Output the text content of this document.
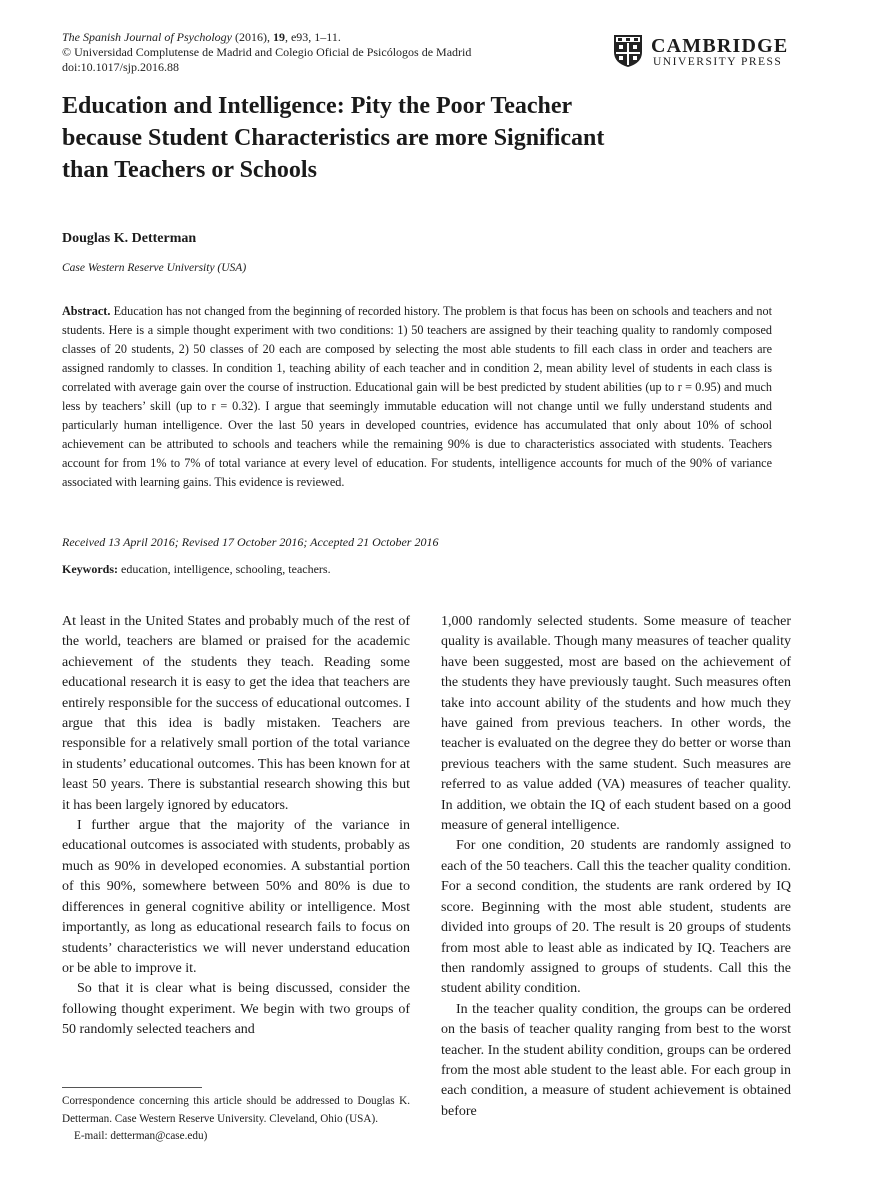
The Spanish Journal of Psychology (2016), 19, e93, 1–11.
© Universidad Complutense de Madrid and Colegio Oficial de Psicólogos de Madrid
doi:10.1017/sjp.2016.88
CAMBRIDGE
UNIVERSITY PRESS
Education and Intelligence: Pity the Poor Teacher
because Student Characteristics are more Significant
than Teachers or Schools
Douglas K. Detterman
Case Western Reserve University (USA)

Abstract. Education has not changed from the beginning of recorded history. The problem is that focus has been on schools and teachers and not students. Here is a simple thought experiment with two conditions: 1) 50 teachers are assigned by their teaching quality to randomly composed classes of 20 students, 2) 50 classes of 20 each are composed by selecting the most able students to fill each class in order and teachers are assigned randomly to classes. In condition 1, teaching ability of each teacher and in condition 2, mean ability level of students in each class is correlated with average gain over the course of instruction. Educational gain will be best predicted by student abilities (up to r = 0.95) and much less by teachers’ skill (up to r = 0.32). I argue that seemingly immutable education will not change until we fully understand students and particularly human intelligence. Over the last 50 years in developed countries, evidence has accumulated that only about 10% of school achievement can be attributed to schools and teachers while the remaining 90% is due to characteristics associated with students. Teachers account for from 1% to 7% of total variance at every level of education. For students, intelligence accounts for much of the 90% of variance associated with learning gains. This evidence is reviewed.

Received 13 April 2016; Revised 17 October 2016; Accepted 21 October 2016
Keywords: education, intelligence, schooling, teachers.

At least in the United States and probably much of the rest of the world, teachers are blamed or praised for the academic achievement of the students they teach. Reading some educational research it is easy to get the idea that teachers are entirely responsible for the success of educational outcomes. I argue that this idea is badly mistaken. Teachers are responsible for a relatively small portion of the total variance in students’ educational outcomes. This has been known for at least 50 years. There is substantial research showing this but it has been largely ignored by educators.

I further argue that the majority of the variance in educational outcomes is associated with students, probably as much as 90% in developed economies. A substantial portion of this 90%, somewhere between 50% and 80% is due to differences in general cognitive ability or intelligence. Most importantly, as long as educational research fails to focus on students’ characteristics we will never understand education or be able to improve it.

So that it is clear what is being discussed, consider the following thought experiment. We begin with two groups of 50 randomly selected teachers and

1,000 randomly selected students. Some measure of teacher quality is available. Though many measures of teacher quality have been suggested, most are based on the achievement of the students they have previously taught. Such measures often take into account ability of the students and how much they have gained from previous teachers. In other words, the teacher is evaluated on the degree they do better or worse than previous teachers with the same student. Such measures are referred to as value added (VA) measures of teacher quality. In addition, we obtain the IQ of each student based on a good measure of general intelligence.

For one condition, 20 students are randomly assigned to each of the 50 teachers. Call this the teacher quality condition. For a second condition, the students are rank ordered by IQ score. Beginning with the most able student, students are divided into groups of 20. The result is 20 groups of students from most able to least able as indicated by IQ. Teachers are then randomly assigned to groups of students. Call this the student ability condition.

In the teacher quality condition, the groups can be ordered on the basis of teacher quality ranging from best to the worst teacher. In the student ability condition, groups can be ordered from the most able student to the least able. For each group in each condition, a measure of student achievement is obtained before

Correspondence concerning this article should be addressed to Douglas K. Detterman. Case Western Reserve University. Cleveland, Ohio (USA).
E-mail: detterman@case.edu)
